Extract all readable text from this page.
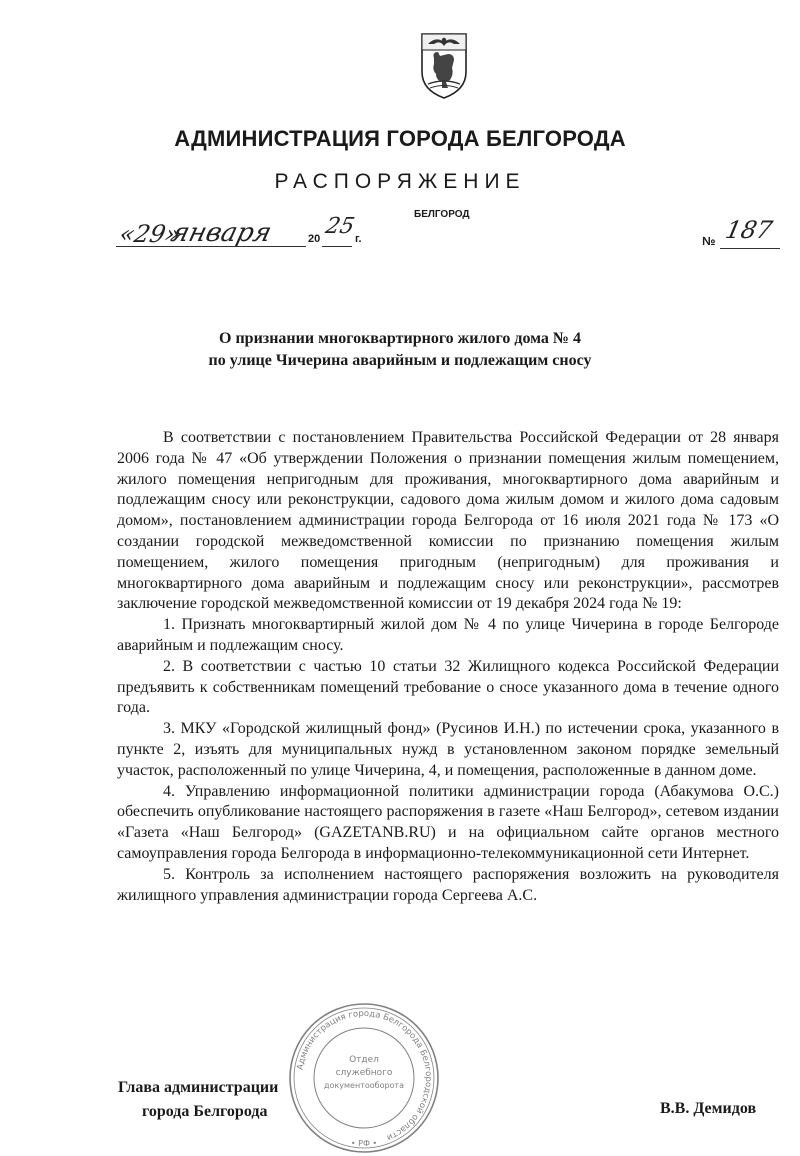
АДМИНИСТРАЦИЯ ГОРОДА БЕЛГОРОДА
РАСПОРЯЖЕНИЕ
БЕЛГОРОД
«29»
января	20 25
г.	№ 187
О признании многоквартирного жилого дома № 4
по улице Чичерина аварийным и подлежащим сносу

В соответствии с постановлением Правительства Российской Федерации от 28 января 2006 года № 47 «Об утверждении Положения о признании помещения жилым помещением, жилого помещения непригодным для проживания, многоквартирного дома аварийным и подлежащим сносу или реконструкции, садового дома жилым домом и жилого дома садовым домом», постановлением администрации города Белгорода от 16 июля 2021 года № 173 «О создании городской межведомственной комиссии по признанию помещения жилым помещением, жилого помещения пригодным (непригодным) для проживания и многоквартирного дома аварийным и подлежащим сносу или реконструкции», рассмотрев заключение городской межведомственной комиссии от 19 декабря 2024 года № 19:

1. Признать многоквартирный жилой дом № 4 по улице Чичерина в городе Белгороде аварийным и подлежащим сносу.

2. В соответствии с частью 10 статьи 32 Жилищного кодекса Российской Федерации предъявить к собственникам помещений требование о сносе указанного дома в течение одного года.

3. МКУ «Городской жилищный фонд» (Русинов И.Н.) по истечении срока, указанного в пункте 2, изъять для муниципальных нужд в установленном законом порядке земельный участок, расположенный по улице Чичерина, 4, и помещения, расположенные в данном доме.

4. Управлению информационной политики администрации города (Абакумова О.С.) обеспечить опубликование настоящего распоряжения в газете «Наш Белгород», сетевом издании «Газета «Наш Белгород» (GAZETANB.RU) и на официальном сайте органов местного самоуправления города Белгорода в информационно-телекоммуникационной сети Интернет.

5. Контроль за исполнением настоящего распоряжения возложить на руководителя жилищного управления администрации города Сергеева А.С.

Администрация города Белгорода Белгородской области
Отдел
служебного
документооборота
• РФ •
Глава администрации
города Белгорода	В.В. Демидов
